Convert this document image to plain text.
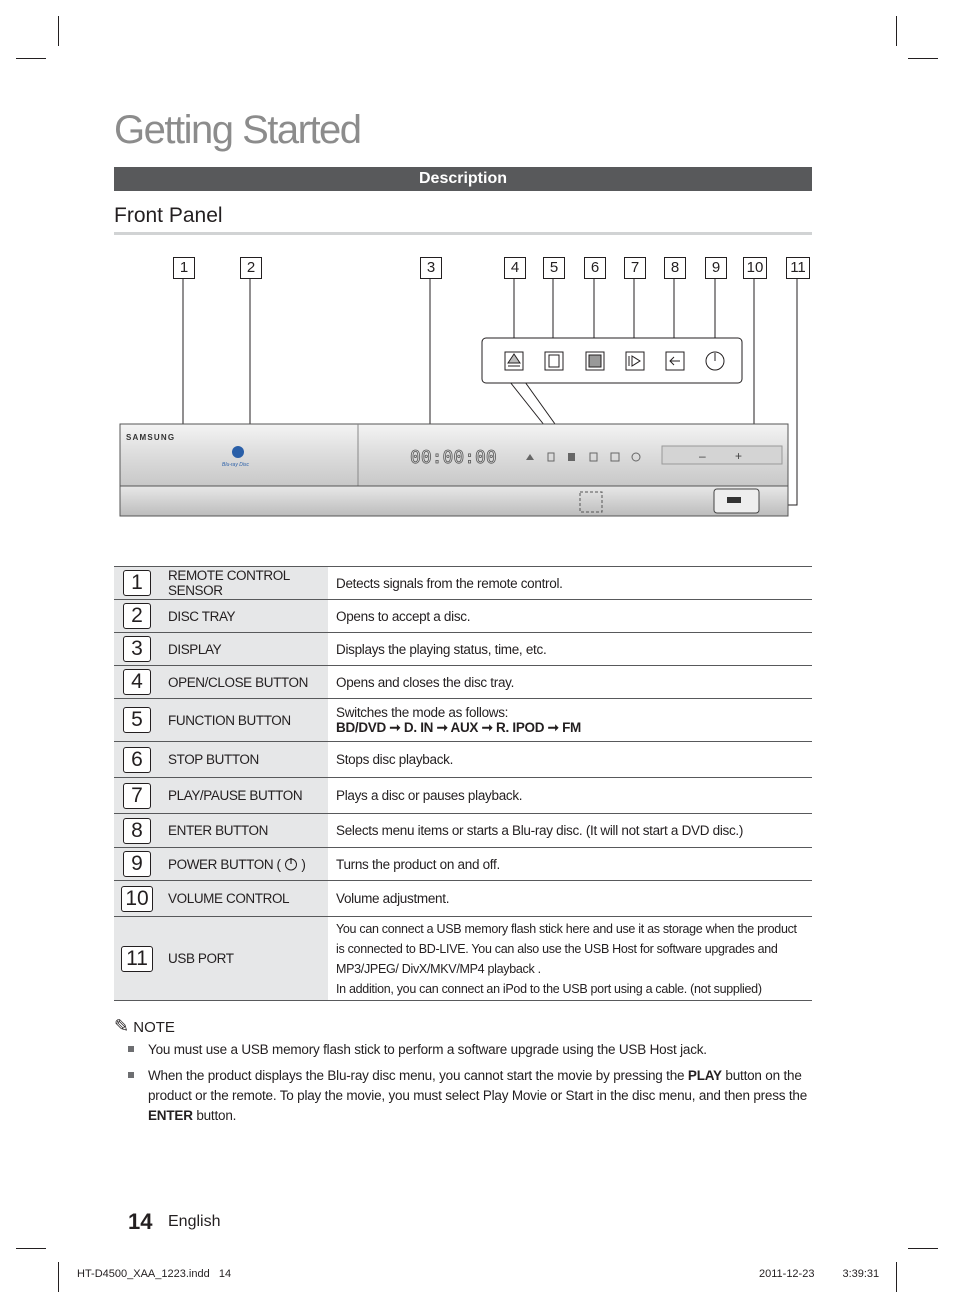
Getting Started
Description
Front Panel
SAMSUNG
Blu-ray Disc	00:00:00	– +
1	2	3	4	5	6	7	8	9	10 11
1	REMOTE CONTROL SENSOR	Detects signals from the remote control.
2	DISC TRAY	Opens to accept a disc.
3	DISPLAY	Displays the playing status, time, etc.
4	OPEN/CLOSE BUTTON	Opens and closes the disc tray.
5	FUNCTION BUTTON	Switches the mode as follows:
BD/DVD ➞ D. IN ➞ AUX ➞ R. IPOD ➞ FM

6	STOP BUTTON	Stops disc playback.
7	PLAY/PAUSE BUTTON	Plays a disc or pauses playback.
8	ENTER BUTTON	Selects menu items or starts a Blu-ray disc. (It will not start a DVD disc.)
9	POWER BUTTON ( )	Turns the product on and off.
10	VOLUME CONTROL	Volume adjustment.
11	USB PORT	You can connect a USB memory flash stick here and use it as storage when the product is connected to BD-LIVE. You can also use the USB Host for software upgrades and MP3/JPEG/ DivX/MKV/MP4 playback .
In addition, you can connect an iPod to the USB port using a cable. (not supplied)
✎ NOTE
You must use a USB memory flash stick to perform a software upgrade using the USB Host jack.
When the product displays the Blu-ray disc menu, you cannot start the movie by pressing the PLAY button on the product or the remote. To play the movie, you must select Play Movie or Start in the disc menu, and then press the ENTER button.
14 English
HT-D4500_XAA_1223.indd   14	2011-12-23	3:39:31
